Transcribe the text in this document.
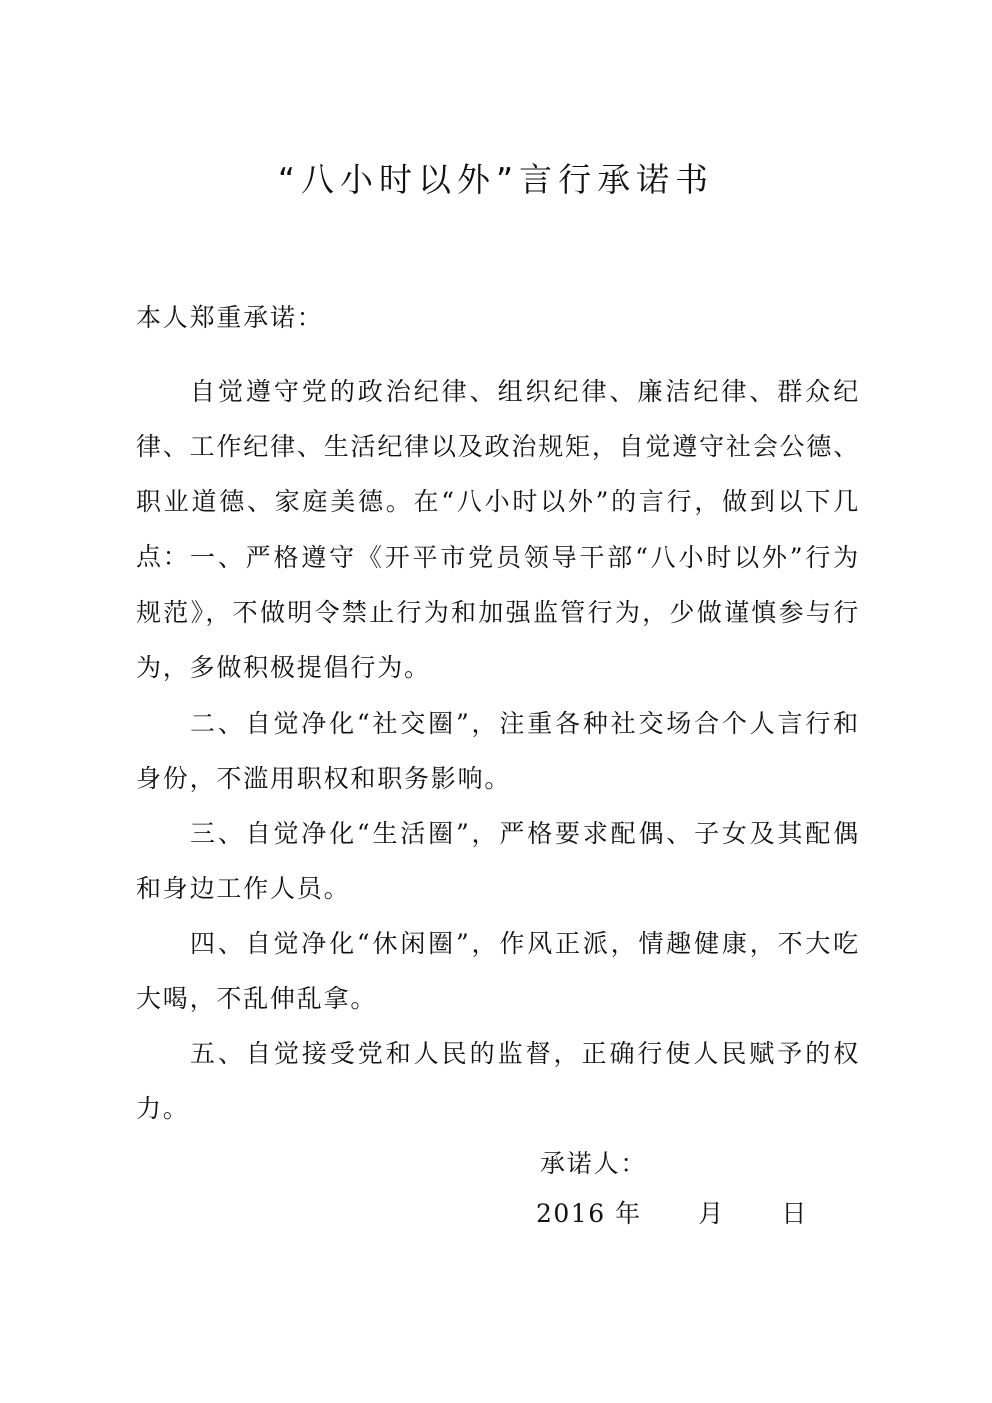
“八小时以外”言行承诺书

本人郑重承诺：

自觉遵守党的政治纪律、组织纪律、廉洁纪律、群众纪律、工作纪律、生活纪律以及政治规矩，自觉遵守社会公德、职业道德、家庭美德。在“八小时以外”的言行，做到以下几点： 一、严格遵守《开平市党员领导干部“八小时以外”行为规范》，不做明令禁止行为和加强监管行为，少做谨慎参与行为，多做积极提倡行为。

二、自觉净化“社交圈”，注重各种社交场合个人言行和身份，不滥用职权和职务影响。

三、自觉净化“生活圈”，严格要求配偶、子女及其配偶和身边工作人员。

四、自觉净化“休闲圈”，作风正派，情趣健康，不大吃大喝，不乱伸乱拿。

五、自觉接受党和人民的监督，正确行使人民赋予的权力。

承诺人：

2016 年      月      日
